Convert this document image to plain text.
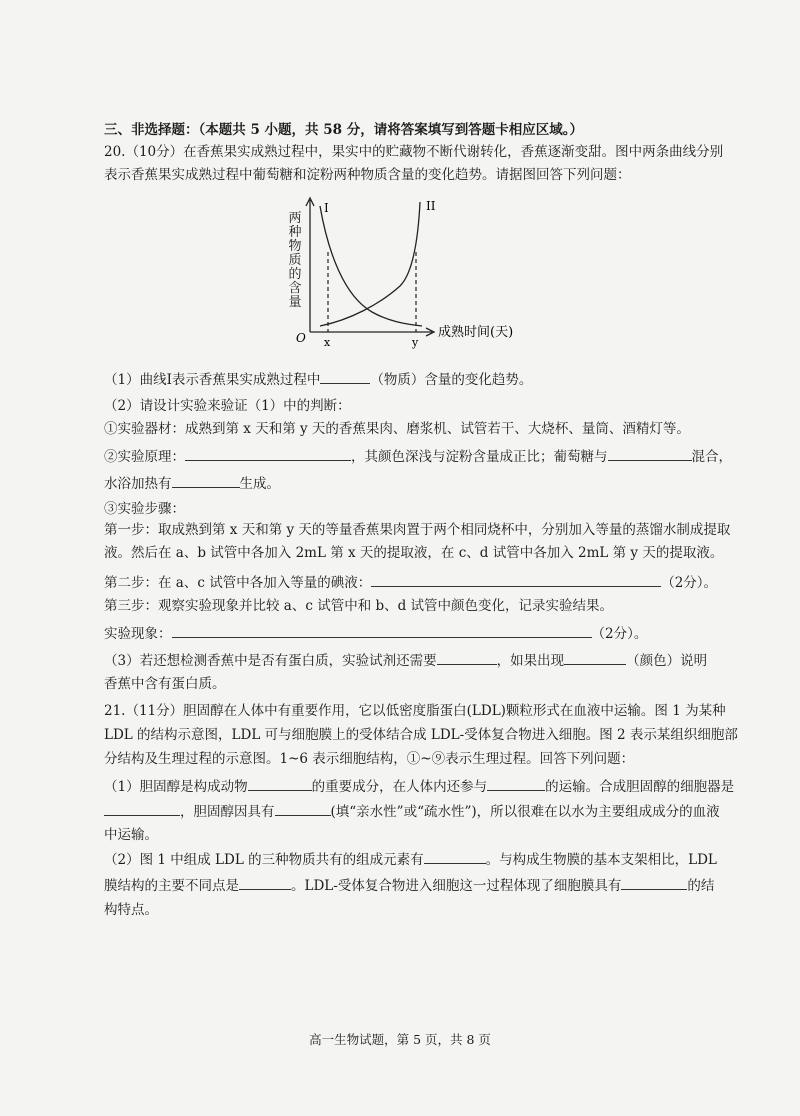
三、非选择题：（本题共 5 小题，共 58 分，请将答案填写到答题卡相应区域。）
20.（10分）在香蕉果实成熟过程中，果实中的贮藏物不断代谢转化，香蕉逐渐变甜。图中两条曲线分别
表示香蕉果实成熟过程中葡萄糖和淀粉两种物质含量的变化趋势。请据图回答下列问题：
O x	y
I	II
成熟时间(天)
两种物质的含量
（1）曲线Ⅰ表示香蕉果实成熟过程中	（物质）含量的变化趋势。
（2）请设计实验来验证（1）中的判断：
①实验器材：成熟到第 x 天和第 y 天的香蕉果肉、磨浆机、试管若干、大烧杯、量筒、酒精灯等。
②实验原理：	，其颜色深浅与淀粉含量成正比；葡萄糖与	混合，
水浴加热有	生成。
③实验步骤：
第一步：取成熟到第 x 天和第 y 天的等量香蕉果肉置于两个相同烧杯中，分别加入等量的蒸馏水制成提取
液。然后在 a、b 试管中各加入 2mL 第 x 天的提取液，在 c、d 试管中各加入 2mL 第 y 天的提取液。
第二步：在 a、c 试管中各加入等量的碘液：	（2分）。
第三步：观察实验现象并比较 a、c 试管中和 b、d 试管中颜色变化，记录实验结果。
实验现象：	（2分）。
（3）若还想检测香蕉中是否有蛋白质，实验试剂还需要	，如果出现	（颜色）说明
香蕉中含有蛋白质。
21.（11分）胆固醇在人体中有重要作用，它以低密度脂蛋白(LDL)颗粒形式在血液中运输。图 1 为某种
LDL 的结构示意图，LDL 可与细胞膜上的受体结合成 LDL-受体复合物进入细胞。图 2 表示某组织细胞部
分结构及生理过程的示意图。1~6 表示细胞结构，①~⑨表示生理过程。回答下列问题：
（1）胆固醇是构成动物	的重要成分，在人体内还参与	的运输。合成胆固醇的细胞器是
，胆固醇因具有	(填“亲水性”或“疏水性”)，所以很难在以水为主要组成成分的血液
中运输。
（2）图 1 中组成 LDL 的三种物质共有的组成元素有	。与构成生物膜的基本支架相比，LDL
膜结构的主要不同点是	。LDL-受体复合物进入细胞这一过程体现了细胞膜具有	的结
构特点。
高一生物试题，第 5 页，共 8 页
